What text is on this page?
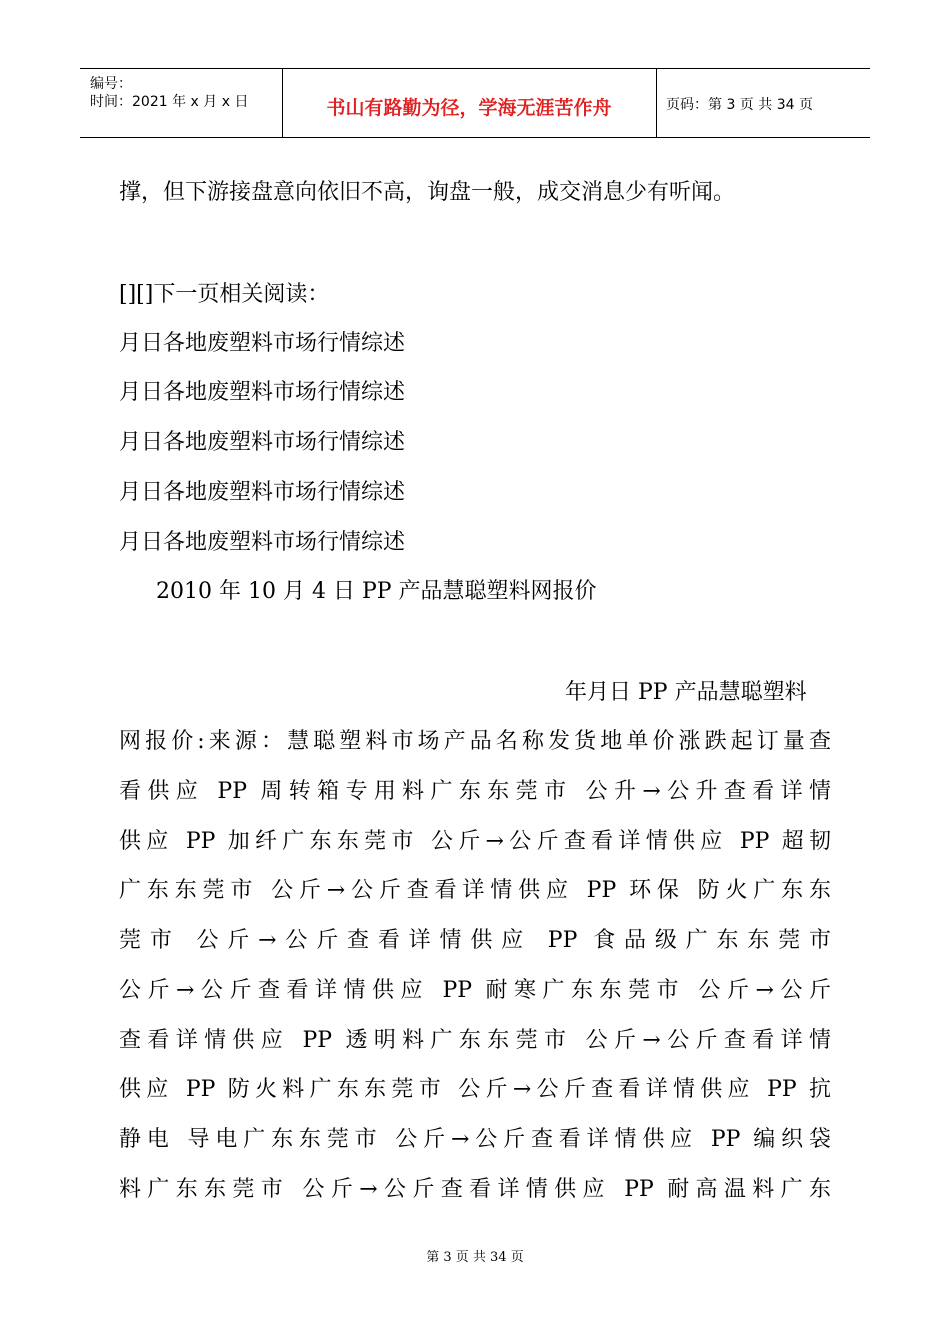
编号：
时间：2021 年 x 月 x 日	书山有路勤为径，学海无涯苦作舟	页码：第 3 页 共 34 页
撑，但下游接盘意向依旧不高，询盘一般，成交消息少有听闻。
[][]下一页相关阅读：
月日各地废塑料市场行情综述
月日各地废塑料市场行情综述
月日各地废塑料市场行情综述
月日各地废塑料市场行情综述
月日各地废塑料市场行情综述
2010 年 10 月 4 日 PP 产品慧聪塑料网报价
年月日 PP 产品慧聪塑料
网报价:来源：慧聪塑料市场产品名称发货地单价涨跌起订量查
看供应 PP 周转箱专用料广东东莞市 公升→公升查看详情
供应 PP 加纤广东东莞市 公斤→公斤查看详情供应 PP 超韧
广东东莞市 公斤→公斤查看详情供应 PP 环保 防火广东东
莞市 公斤→公斤查看详情供应 PP 食品级广东东莞市
公斤→公斤查看详情供应 PP 耐寒广东东莞市 公斤→公斤
查看详情供应 PP 透明料广东东莞市 公斤→公斤查看详情
供应 PP 防火料广东东莞市 公斤→公斤查看详情供应 PP 抗
静电 导电广东东莞市 公斤→公斤查看详情供应 PP 编织袋
料广东东莞市 公斤→公斤查看详情供应 PP 耐高温料广东
第 3 页 共 34 页
